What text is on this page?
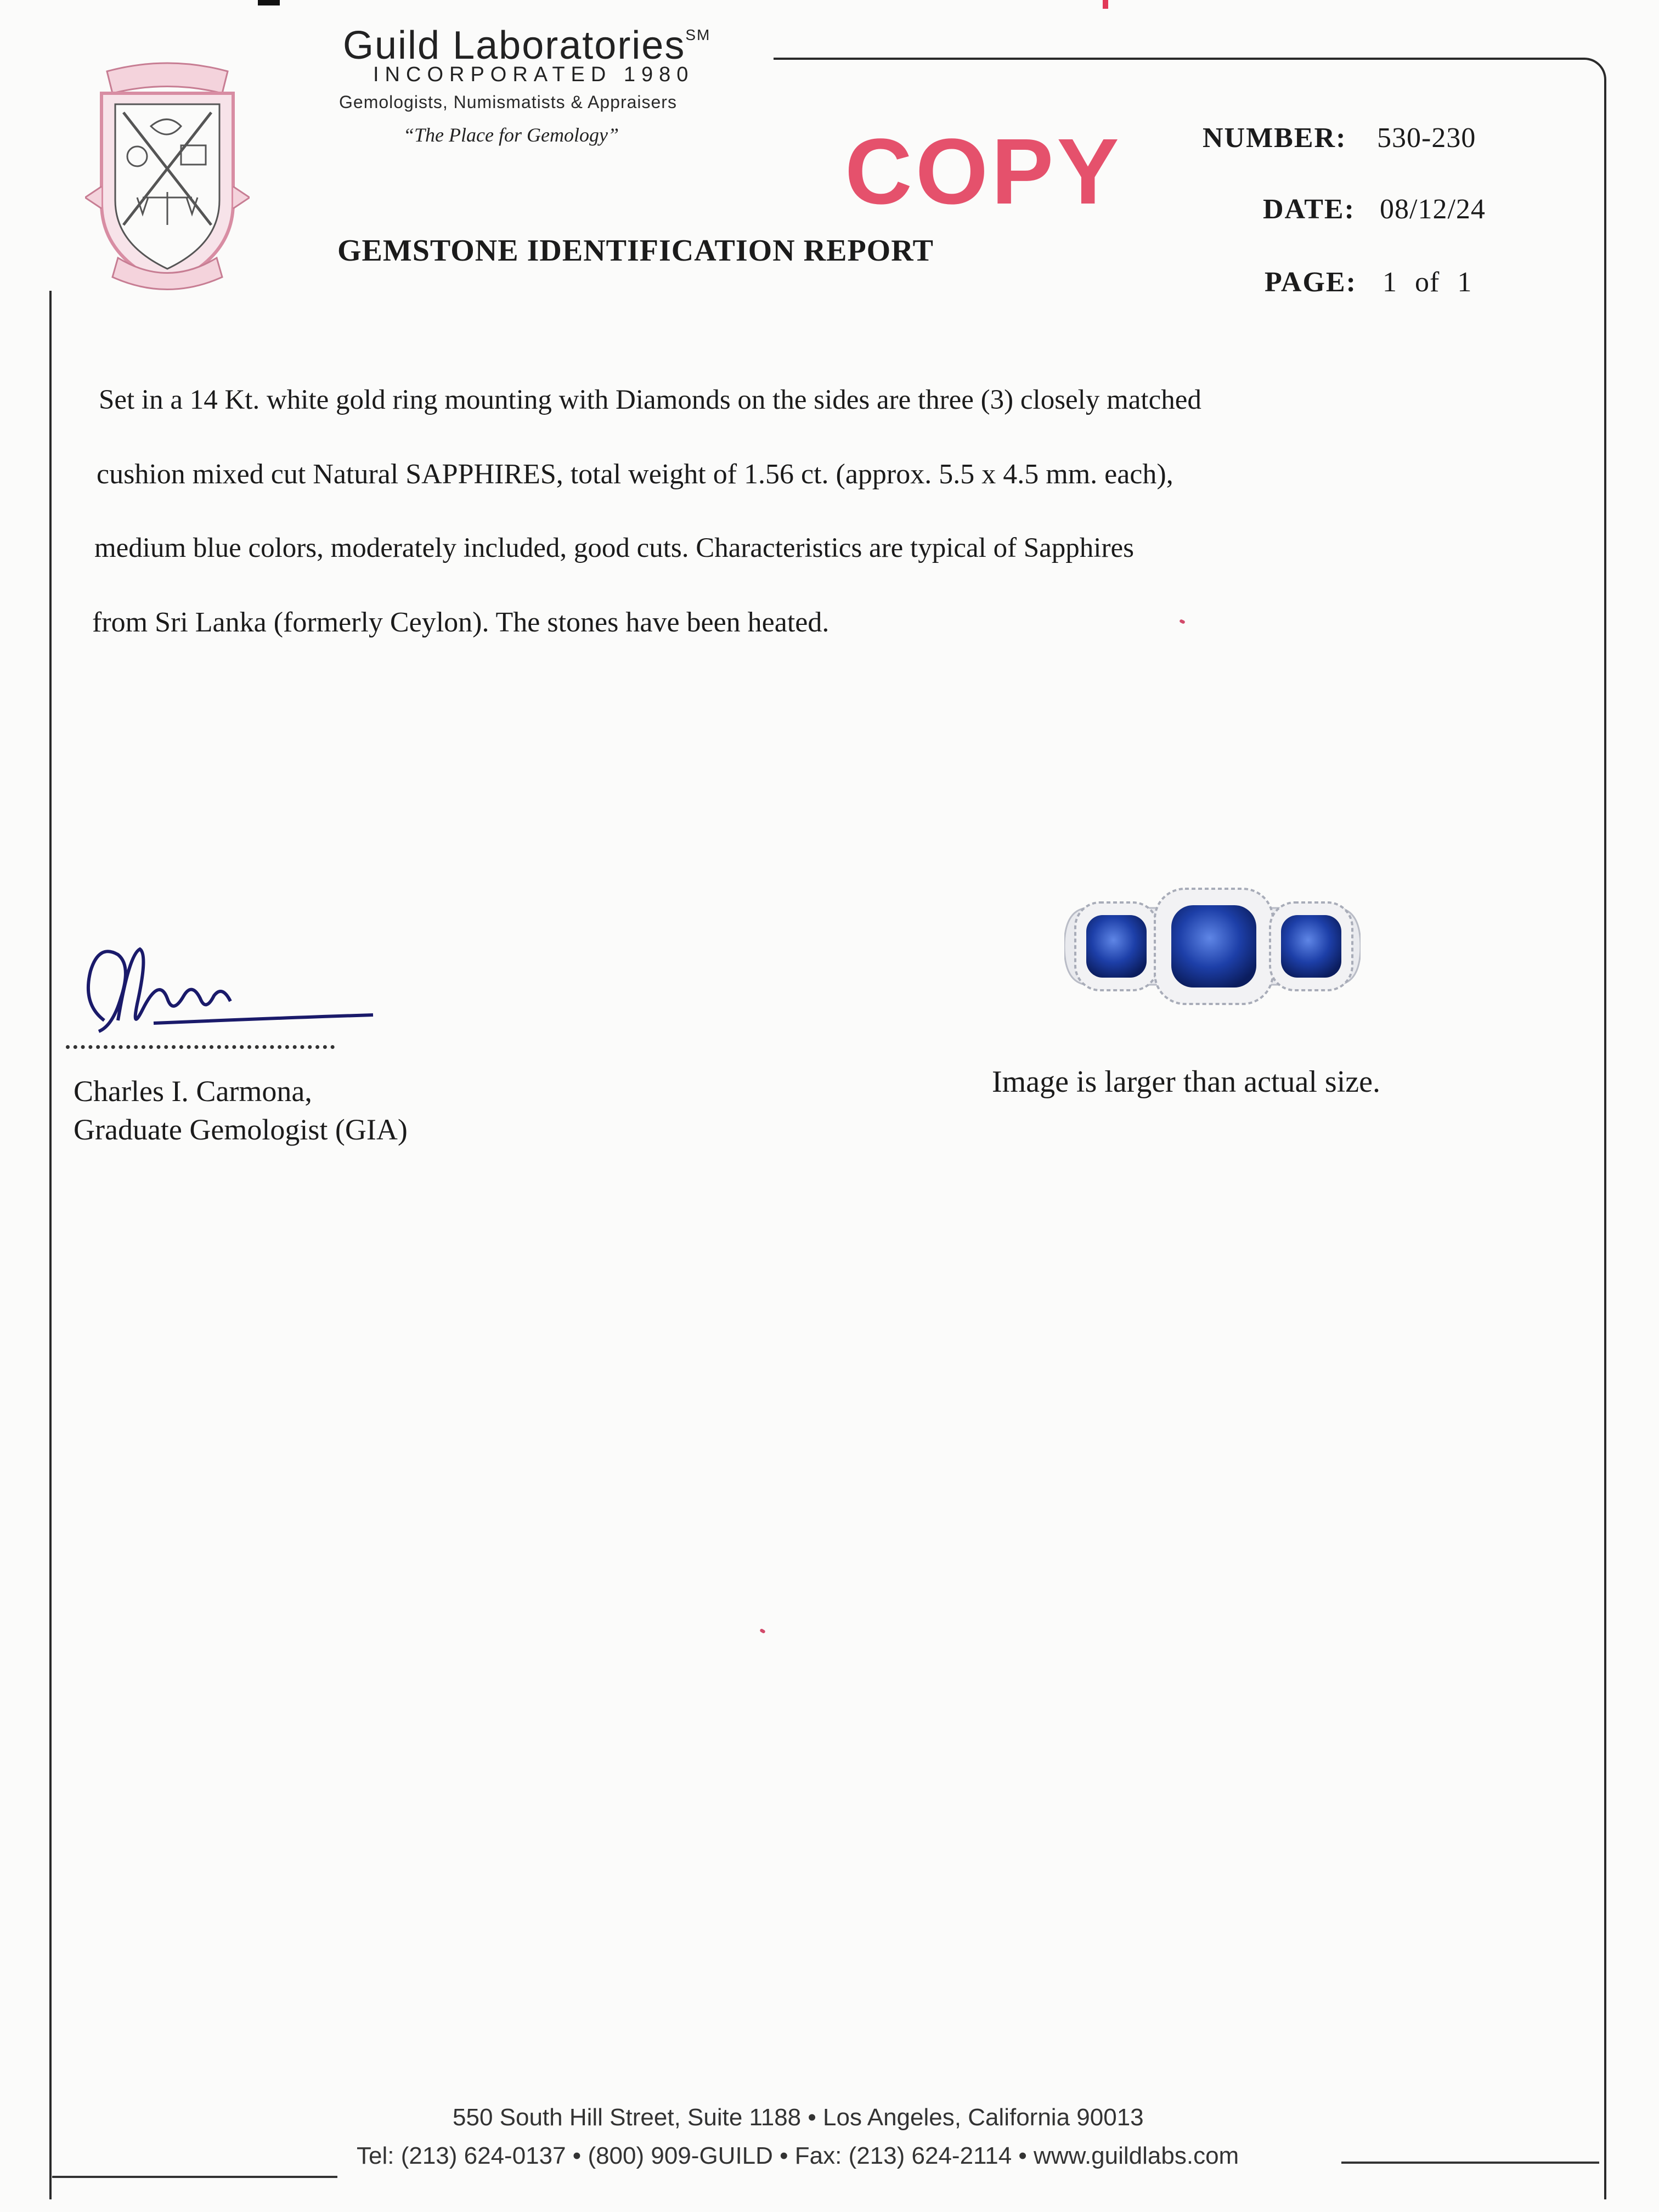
Guild Laboratories℠
INCORPORATED 1980
Gemologists, Numismatists & Appraisers
“The Place for Gemology” COPY	NUMBER: 530-230
DATE: 08/12/24
PAGE: 1 of 1
GEMSTONE IDENTIFICATION REPORT
Set in a 14 Kt. white gold ring mounting with Diamonds on the sides are three (3) closely matched
cushion mixed cut Natural SAPPHIRES, total weight of 1.56 ct. (approx. 5.5 x 4.5 mm. each),
medium blue colors, moderately included, good cuts. Characteristics are typical of Sapphires
from Sri Lanka (formerly Ceylon). The stones have been heated.
Charles I. Carmona,
Graduate Gemologist (GIA)
Image is larger than actual size.
550 South Hill Street, Suite 1188 • Los Angeles, California 90013
Tel: (213) 624-0137 • (800) 909-GUILD • Fax: (213) 624-2114 • www.guildlabs.com
